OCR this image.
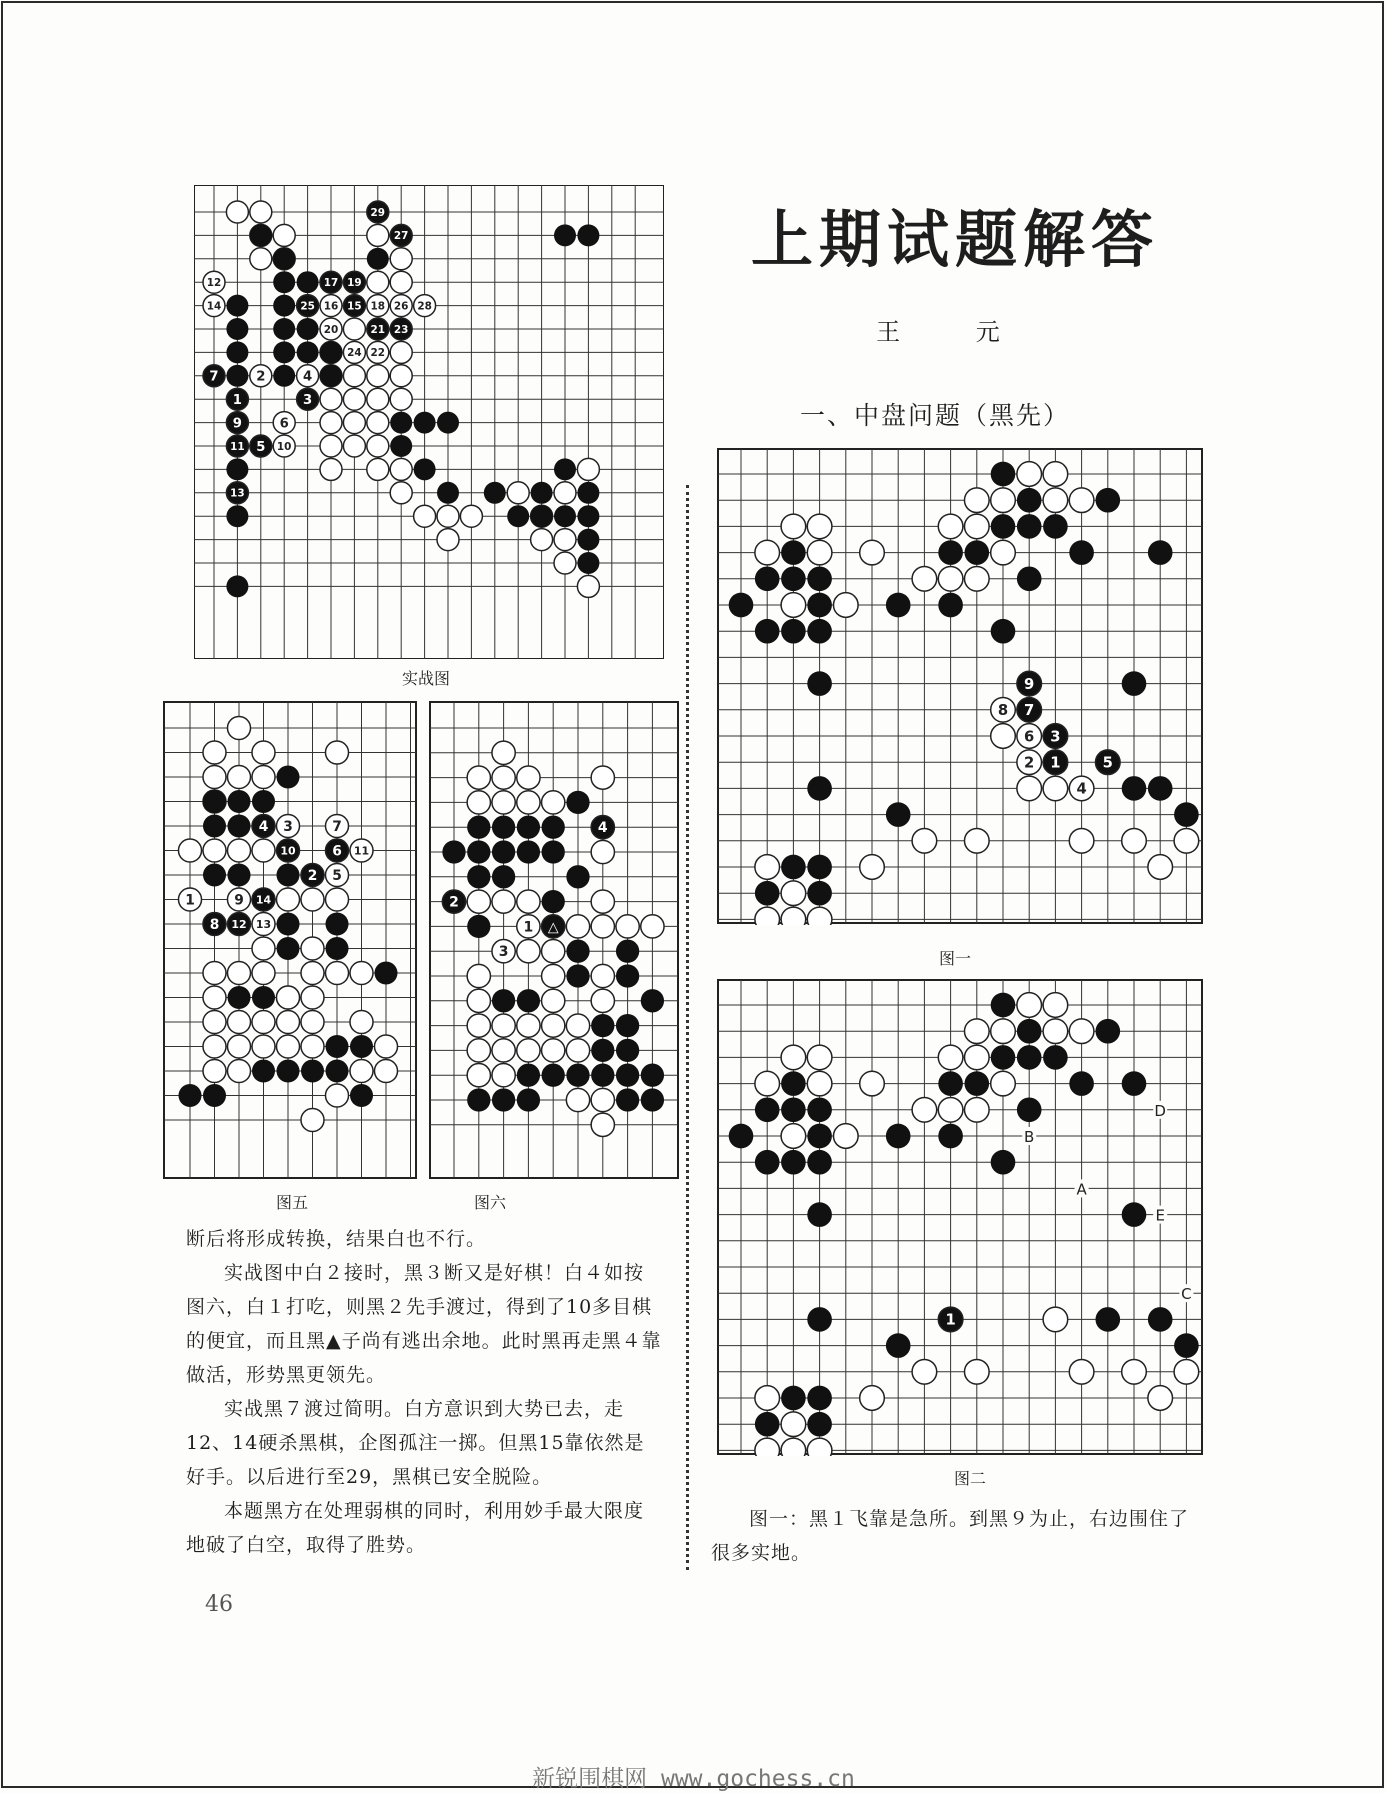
29
27
12	17 19
14	25 16 15 18 26 28
20	21 23
24 22
7	2	4
1	3
9	6
11 5 10
13
实战图
4 3	7
10	6 11
2 5
1	9 14
8 12 13
图五
4
2
1 △
3
图六
9
8 7
6 3
2 1	5
4
图一
1
B
A
D
E
C
图二
上期试题解答
王 元
一、中盘问题（黑先）

断后将形成转换，结果白也不行。

实战图中白２接时，黑３断又是好棋！白４如按图六，白１打吃，则黑２先手渡过，得到了10多目棋的便宜，而且黑▲子尚有逃出余地。此时黑再走黑４靠做活，形势黑更领先。

实战黑７渡过简明。白方意识到大势已去，走12、14硬杀黑棋，企图孤注一掷。但黑15靠依然是好手。以后进行至29，黑棋已安全脱险。

本题黑方在处理弱棋的同时，利用妙手最大限度地破了白空，取得了胜势。

图一：黑１飞靠是急所。到黑９为止，右边围住了很多实地。

46
新锐围棋网 www.gochess.cn
